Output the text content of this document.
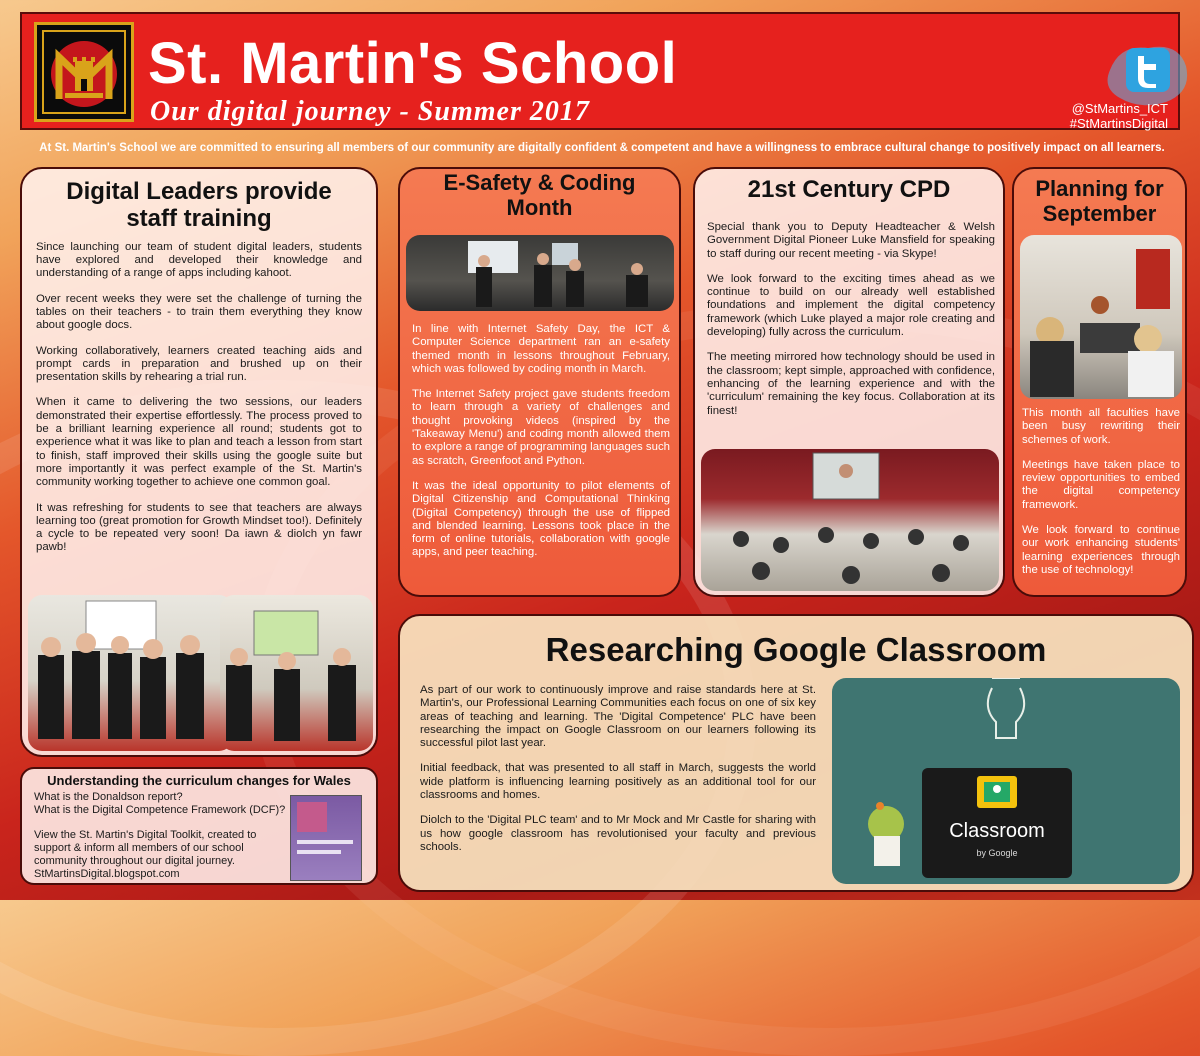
St. Martin's School
Our digital journey - Summer 2017	@StMartins_ICT
#StMartinsDigital
At St. Martin's School we are committed to ensuring all members of our community are digitally confident & competent and have a willingness to embrace cultural change to positively impact on all learners.
Digital Leaders provide staff training

Since launching our team of student digital leaders, students have explored and developed their knowledge and understanding of a range of apps including kahoot.

Over recent weeks they were set the challenge of turning the tables on their teachers - to train them everything they know about google docs.

Working collaboratively, learners created teaching aids and prompt cards in preparation and brushed up on their presentation skills by rehearing a trial run.

When it came to delivering the two sessions, our leaders demonstrated their expertise effortlessly. The process proved to be a brilliant learning experience all round; students got to experience what it was like to plan and teach a lesson from start to finish, staff improved their skills using the google suite but more importantly it was perfect example of the St. Martin's community working together to achieve one common goal.

It was refreshing for students to see that teachers are always learning too (great promotion for Growth Mindset too!). Definitely a cycle to be repeated very soon! Da iawn & diolch yn fawr pawb!

Understanding the curriculum changes for Wales
What is the Donaldson report?
What is the Digital Competence Framework (DCF)?
View the St. Martin's Digital Toolkit, created to support & inform all members of our school community throughout our digital journey.
StMartinsDigital.blogspot.com
E-Safety & Coding Month

In line with Internet Safety Day, the ICT & Computer Science department ran an e-safety themed month in lessons throughout February, which was followed by coding month in March.

The Internet Safety project gave students freedom to learn through a variety of challenges and thought provoking videos (inspired by the 'Takeaway Menu') and coding month allowed them to explore a range of programming languages such as scratch, Greenfoot and Python.

It was the ideal opportunity to pilot elements of Digital Citizenship and Computational Thinking (Digital Competency) through the use of flipped and blended learning. Lessons took place in the form of online tutorials, collaboration with google apps, and peer teaching.

21st Century CPD

Special thank you to Deputy Headteacher & Welsh Government Digital Pioneer Luke Mansfield for speaking to staff during our recent meeting - via Skype!

We look forward to the exciting times ahead as we continue to build on our already well established foundations and implement the digital competency framework (which Luke played a major role creating and developing) fully across the curriculum.

The meeting mirrored how technology should be used in the classroom; kept simple, approached with confidence, enhancing of the learning experience and with the 'curriculum' remaining the key focus. Collaboration at its finest!

Planning for September

This month all faculties have been busy rewriting their schemes of work.

Meetings have taken place to review opportunities to embed the digital competency framework.

We look forward to continue our work enhancing students' learning experiences through the use of technology!

Researching Google Classroom

As part of our work to continuously improve and raise standards here at St. Martin's, our Professional Learning Communities each focus on one of six key areas of teaching and learning. The 'Digital Competence' PLC have been researching the impact on Google Classroom on our learners following its successful pilot last year.

Initial feedback, that was presented to all staff in March, suggests the world wide platform is influencing learning positively as an additional tool for our classrooms and homes.

Diolch to the 'Digital PLC team' and to Mr Mock and Mr Castle for sharing with us how google classroom has revolutionised your faculty and previous schools.

Classroom
by Google
